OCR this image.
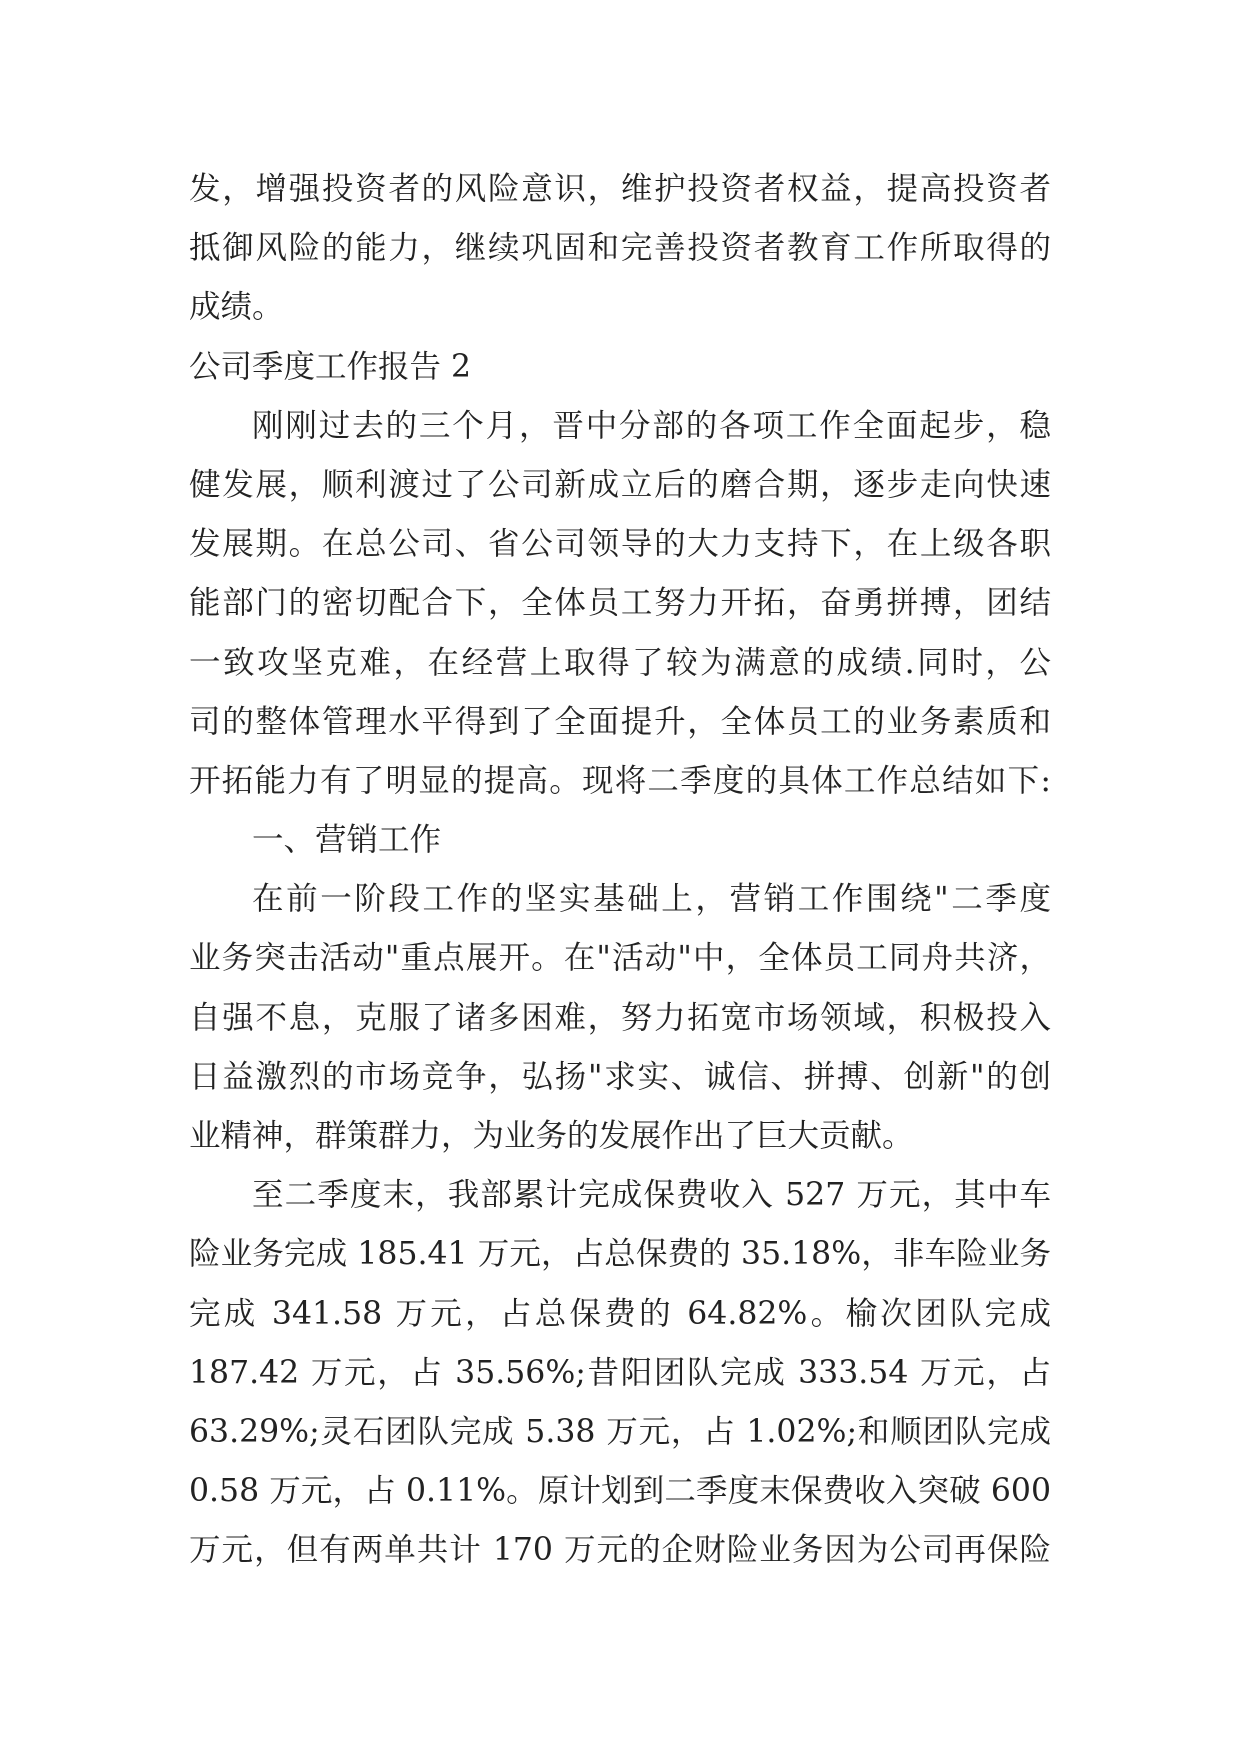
发，增强投资者的风险意识，维护投资者权益，提高投资者
抵御风险的能力，继续巩固和完善投资者教育工作所取得的
成绩。
公司季度工作报告 2
刚刚过去的三个月，晋中分部的各项工作全面起步，稳
健发展，顺利渡过了公司新成立后的磨合期，逐步走向快速
发展期。在总公司、省公司领导的大力支持下，在上级各职
能部门的密切配合下，全体员工努力开拓，奋勇拼搏，团结
一致攻坚克难，在经营上取得了较为满意的成绩.同时，公
司的整体管理水平得到了全面提升，全体员工的业务素质和
开拓能力有了明显的提高。现将二季度的具体工作总结如下:
一、营销工作
在前一阶段工作的坚实基础上，营销工作围绕"二季度
业务突击活动"重点展开。在"活动"中，全体员工同舟共济，
自强不息，克服了诸多困难，努力拓宽市场领域，积极投入
日益激烈的市场竞争，弘扬"求实、诚信、拼搏、创新"的创
业精神，群策群力，为业务的发展作出了巨大贡献。
至二季度末，我部累计完成保费收入 527 万元，其中车
险业务完成 185.41 万元，占总保费的 35.18%，非车险业务
完成 341.58 万元，占总保费的 64.82%。榆次团队完成
187.42 万元，占 35.56%;昔阳团队完成 333.54 万元，占
63.29%;灵石团队完成 5.38 万元，占 1.02%;和顺团队完成
0.58 万元，占 0.11%。原计划到二季度末保费收入突破 600
万元，但有两单共计 170 万元的企财险业务因为公司再保险
